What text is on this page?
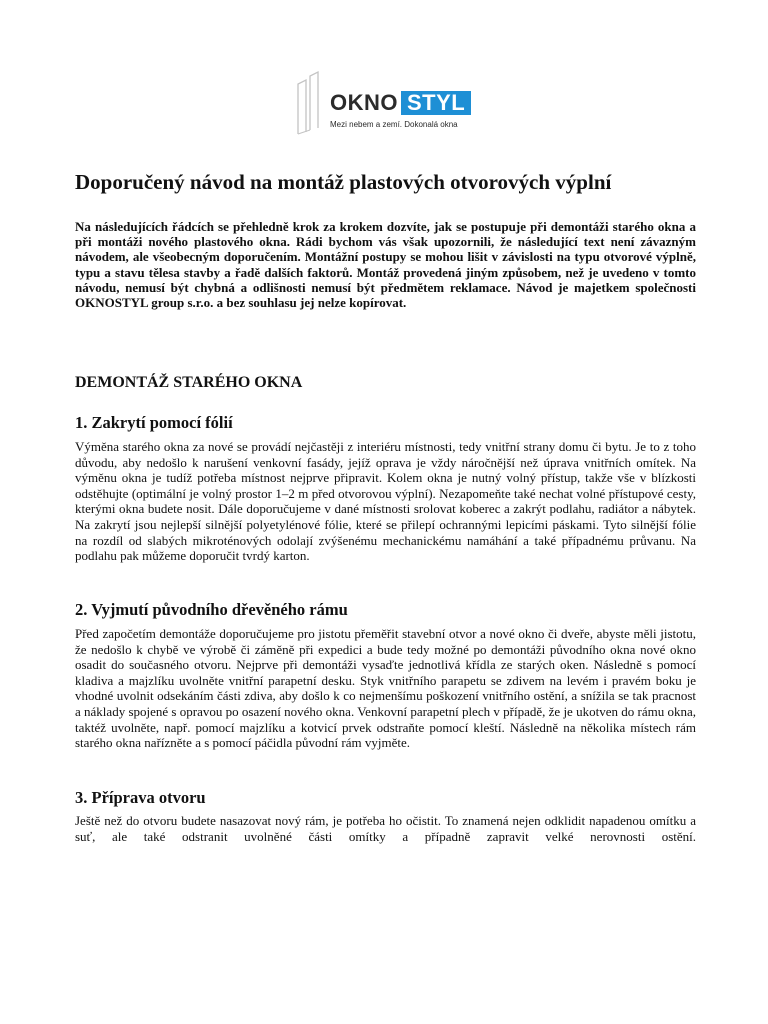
OKNO STYL
Mezi nebem a zemí. Dokonalá okna
Doporučený návod na montáž plastových otvorových výplní

Na následujících řádcích se přehledně krok za krokem dozvíte, jak se postupuje při demontáži starého okna a při montáži nového plastového okna. Rádi bychom vás však upozornili, že následující text není závazným návodem, ale všeobecným doporučením. Montážní postupy se mohou lišit v závislosti na typu otvorové výplně, typu a stavu tělesa stavby a řadě dalších faktorů. Montáž provedená jiným způsobem, než je uvedeno v tomto návodu, nemusí být chybná a odlišnosti nemusí být předmětem reklamace. Návod je majetkem společnosti OKNOSTYL group s.r.o. a bez souhlasu jej nelze kopírovat.

DEMONTÁŽ STARÉHO OKNA
1. Zakrytí pomocí fólií

Výměna starého okna za nové se provádí nejčastěji z interiéru místnosti, tedy vnitřní strany domu či bytu. Je to z toho důvodu, aby nedošlo k narušení venkovní fasády, jejíž oprava je vždy náročnější než úprava vnitřních omítek. Na výměnu okna je tudíž potřeba místnost nejprve připravit. Kolem okna je nutný volný přístup, takže vše v blízkosti odstěhujte (optimální je volný prostor 1–2 m před otvorovou výplní). Nezapomeňte také nechat volné přístupové cesty, kterými okna budete nosit. Dále doporučujeme v dané místnosti srolovat koberec a zakrýt podlahu, radiátor a nábytek. Na zakrytí jsou nejlepší silnější polyetylénové fólie, které se přilepí ochrannými lepicími páskami. Tyto silnější fólie na rozdíl od slabých mikroténových odolají zvýšenému mechanickému namáhání a také případnému průvanu. Na podlahu pak můžeme doporučit tvrdý karton.

2. Vyjmutí původního dřevěného rámu

Před započetím demontáže doporučujeme pro jistotu přeměřit stavební otvor a nové okno či dveře, abyste měli jistotu, že nedošlo k chybě ve výrobě či záměně při expedici a bude tedy možné po demontáži původního okna nové okno osadit do současného otvoru. Nejprve při demontáži vysaďte jednotlivá křídla ze starých oken. Následně s pomocí kladiva a majzlíku uvolněte vnitřní parapetní desku. Styk vnitřního parapetu se zdivem na levém i pravém boku je vhodné uvolnit odsekáním části zdiva, aby došlo k co nejmenšímu poškození vnitřního ostění, a snížila se tak pracnost a náklady spojené s opravou po osazení nového okna. Venkovní parapetní plech v případě, že je ukotven do rámu okna, taktéž uvolněte, např. pomocí majzlíku a kotvicí prvek odstraňte pomocí kleští. Následně na několika místech rám starého okna nařízněte a s pomocí páčidla původní rám vyjměte.

3. Příprava otvoru

Ještě než do otvoru budete nasazovat nový rám, je potřeba ho očistit. To znamená nejen odklidit napadenou omítku a suť, ale také odstranit uvolněné části omítky a případně zapravit velké nerovnosti ostění.
